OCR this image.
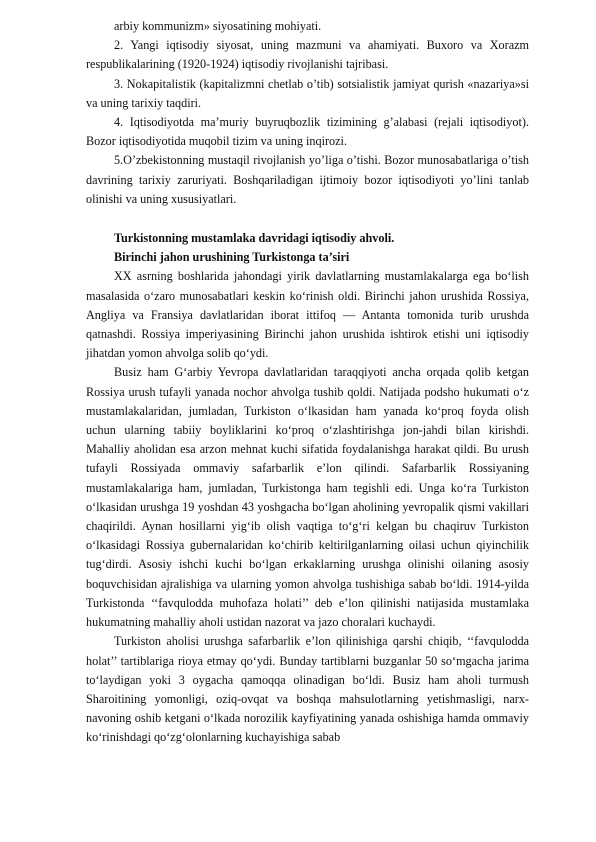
arbiy kommunizm» siyosatining mohiyati.

2. Yangi iqtisodiy siyosat, uning mazmuni va ahamiyati. Buxoro va Xorazm respublikalarining (1920-1924) iqtisodiy rivojlanishi tajribasi.

3. Nokapitalistik (kapitalizmni chetlab o’tib) sotsialistik jamiyat qurish «nazariya»si va uning tarixiy taqdiri.

4. Iqtisodiyotda ma’muriy buyruqbozlik tizimining g’alabasi (rejali iqtisodiyot). Bozor iqtisodiyotida muqobil tizim va uning inqirozi.

5.O’zbekistonning mustaqil rivojlanish yo’liga o’tishi. Bozor munosabatlariga o’tish davrining tarixiy zaruriyati. Boshqariladigan ijtimoiy bozor iqtisodiyoti yo’lini tanlab olinishi va uning xususiyatlari.

Turkistonning mustamlaka davridagi iqtisodiy ahvoli.

Birinchi jahon urushining Turkistonga ta’siri

XX asrning boshlarida jahondagi yirik davlatlarning mustamlakalarga ega bo‘lish masalasida o‘zaro munosabatlari keskin ko‘rinish oldi. Birinchi jahon urushida Rossiya, Angliya va Fransiya davlatlaridan iborat ittifoq — Antanta tomonida turib urushda qatnashdi. Rossiya imperiyasining Birinchi jahon urushida ishtirok etishi uni iqtisodiy jihatdan yomon ahvolga solib qo‘ydi.

Busiz ham G‘arbiy Yevropa davlatlaridan taraqqiyoti ancha orqada qolib ketgan Rossiya urush tufayli yanada nochor ahvolga tushib qoldi. Natijada podsho hukumati o‘z mustamlakalaridan, jumladan, Turkiston o‘lkasidan ham yanada ko‘proq foyda olish uchun ularning tabiiy boyliklarini ko‘proq o‘zlashtirishga jon-jahdi bilan kirishdi. Mahalliy aholidan esa arzon mehnat kuchi sifatida foydalanishga harakat qildi. Bu urush tufayli Rossiyada ommaviy safarbarlik e’lon qilindi. Safarbarlik Rossiyaning mustamlakalariga ham, jumladan, Turkistonga ham tegishli edi. Unga ko‘ra Turkiston o‘lkasidan urushga 19 yoshdan 43 yoshgacha bo‘lgan aholining yevropalik qismi vakillari chaqirildi. Aynan hosillarni yig‘ib olish vaqtiga to‘g‘ri kelgan bu chaqiruv Turkiston o‘lkasidagi Rossiya gubernalaridan ko‘chirib keltirilganlarning oilasi uchun qiyinchilik tug‘dirdi. Asosiy ishchi kuchi bo‘lgan erkaklarning urushga olinishi oilaning asosiy boquvchisidan ajralishiga va ularning yomon ahvolga tushishiga sabab bo‘ldi. 1914-yilda Turkistonda ‘‘favqulodda muhofaza holati’’ deb e’lon qilinishi natijasida mustamlaka hukumatning mahalliy aholi ustidan nazorat va jazo choralari kuchaydi.

Turkiston aholisi urushga safarbarlik e’lon qilinishiga qarshi chiqib, ‘‘favqulodda holat’’ tartiblariga rioya etmay qo‘ydi. Bunday tartiblarni buzganlar 50 so‘mgacha jarima to‘laydigan yoki 3 oygacha qamoqqa olinadigan bo‘ldi. Busiz ham aholi turmush Sharoitining yomonligi, oziq-ovqat va boshqa mahsulotlarning yetishmasligi, narx-navoning oshib ketgani o‘lkada norozilik kayfiyatining yanada oshishiga hamda ommaviy ko‘rinishdagi qo‘zg‘olonlarning kuchayishiga sabab
